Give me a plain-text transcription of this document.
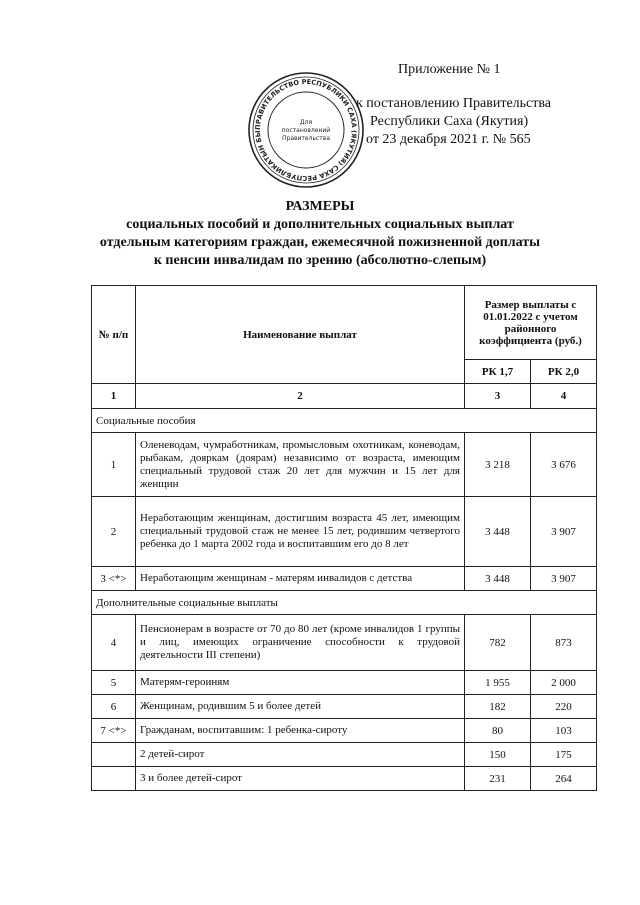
ПРАВИТЕЛЬСТВО РЕСПУБЛИКИ САХА (ЯКУТИЯ) САХА РЕСПУБЛИКАТЫН БЫ
Для
постановлений
Правительства
Приложение № 1
к постановлению Правительства
Республики Саха (Якутия)
от 23 декабря 2021 г. № 565
РАЗМЕРЫ
социальных пособий и дополнительных социальных выплат
отдельным категориям граждан, ежемесячной пожизненной доплаты
к пенсии инвалидам по зрению (абсолютно-слепым)
№ п/п	Наименование выплат	Размер выплаты с 01.01.2022 с учетом районного коэффициента (руб.)	
		РК 1,7	РК 2,0
1	2	3	4
Социальные пособия			
1	Оленеводам, чумработникам, промысловым охотникам, коневодам, рыбакам, дояркам (доярам) независимо от возраста, имеющим специальный трудовой стаж 20 лет для мужчин и 15 лет для женщин	3 218	3 676
2	Неработающим женщинам, достигшим возраста 45 лет, имеющим специальный трудовой стаж не менее 15 лет, родившим четвертого ребенка до 1 марта 2002 года и воспитавшим его до 8 лет	3 448	3 907
3 <*>	Неработающим женщинам - матерям инвалидов с детства	3 448	3 907
Дополнительные социальные выплаты			
4	Пенсионерам в возрасте от 70 до 80 лет (кроме инвалидов 1 группы и лиц, имеющих ограничение способности к трудовой деятельности III степени)	782	873
5	Матерям-героиням	1 955	2 000
6	Женщинам, родившим 5 и более детей	182	220
7 <*>	Гражданам, воспитавшим: 1 ребенка-сироту	80	103
	2 детей-сирот	150	175
	3 и более детей-сирот	231	264
